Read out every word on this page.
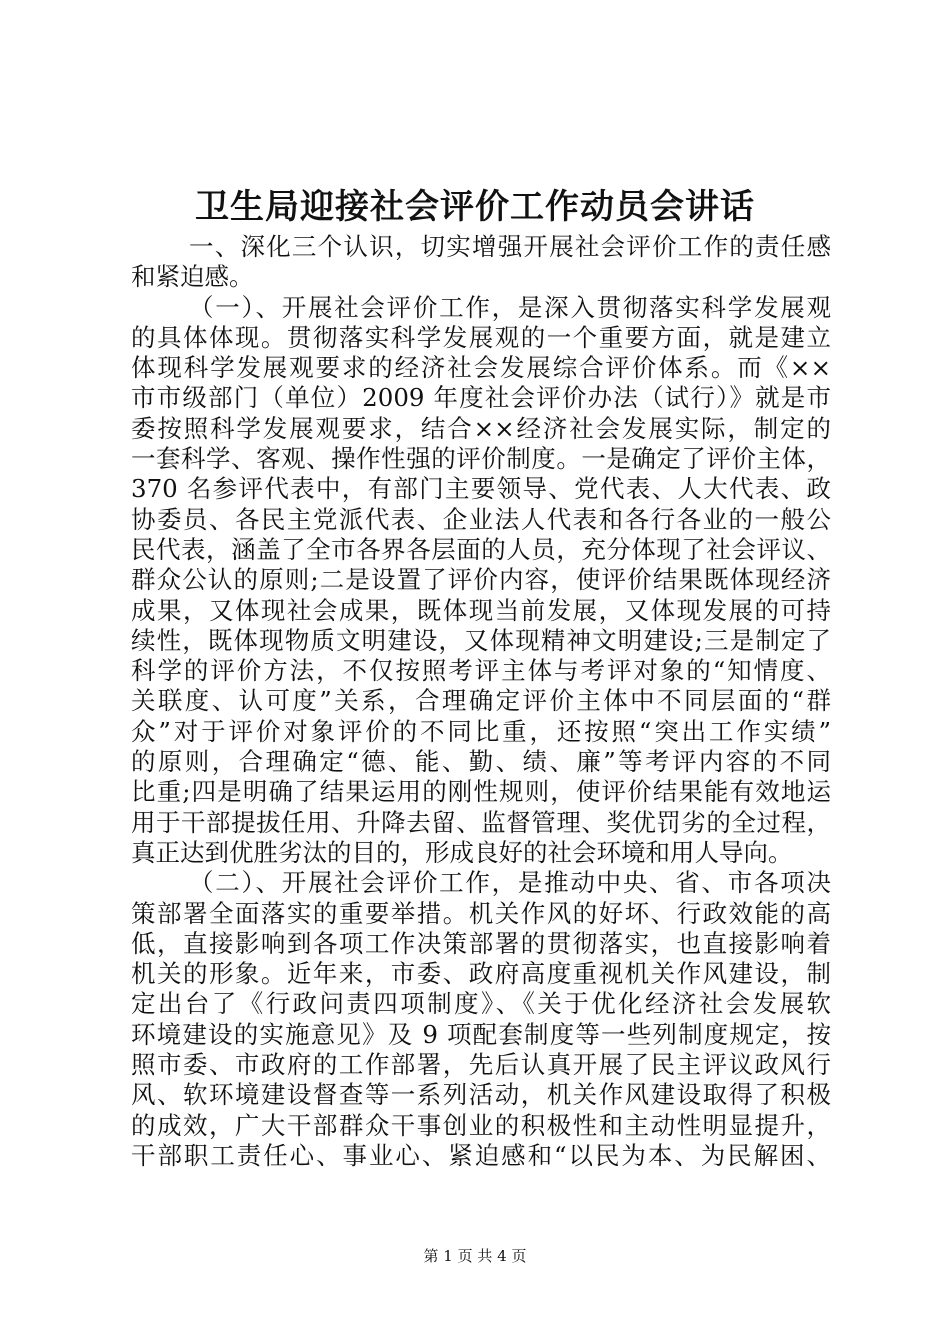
卫生局迎接社会评价工作动员会讲话
一、深化三个认识，切实增强开展社会评价工作的责任感
和紧迫感。
（一）、开展社会评价工作，是深入贯彻落实科学发展观
的具体体现。贯彻落实科学发展观的一个重要方面，就是建立
体现科学发展观要求的经济社会发展综合评价体系。而《××
市市级部门（单位）2009 年度社会评价办法（试行）》就是市
委按照科学发展观要求，结合××经济社会发展实际，制定的
一套科学、客观、操作性强的评价制度。一是确定了评价主体，
370 名参评代表中，有部门主要领导、党代表、人大代表、政
协委员、各民主党派代表、企业法人代表和各行各业的一般公
民代表，涵盖了全市各界各层面的人员，充分体现了社会评议、
群众公认的原则;二是设置了评价内容，使评价结果既体现经济
成果，又体现社会成果，既体现当前发展，又体现发展的可持
续性，既体现物质文明建设，又体现精神文明建设;三是制定了
科学的评价方法，不仅按照考评主体与考评对象的“知情度、
关联度、认可度”关系，合理确定评价主体中不同层面的“群
众”对于评价对象评价的不同比重，还按照“突出工作实绩”
的原则，合理确定“德、能、勤、绩、廉”等考评内容的不同
比重;四是明确了结果运用的刚性规则，使评价结果能有效地运
用于干部提拔任用、升降去留、监督管理、奖优罚劣的全过程，
真正达到优胜劣汰的目的，形成良好的社会环境和用人导向。
（二）、开展社会评价工作，是推动中央、省、市各项决
策部署全面落实的重要举措。机关作风的好坏、行政效能的高
低，直接影响到各项工作决策部署的贯彻落实，也直接影响着
机关的形象。近年来，市委、政府高度重视机关作风建设，制
定出台了《行政问责四项制度》、《关于优化经济社会发展软
环境建设的实施意见》及 9 项配套制度等一些列制度规定，按
照市委、市政府的工作部署，先后认真开展了民主评议政风行
风、软环境建设督查等一系列活动，机关作风建设取得了积极
的成效，广大干部群众干事创业的积极性和主动性明显提升，
干部职工责任心、事业心、紧迫感和“以民为本、为民解困、
第 1 页 共 4 页
